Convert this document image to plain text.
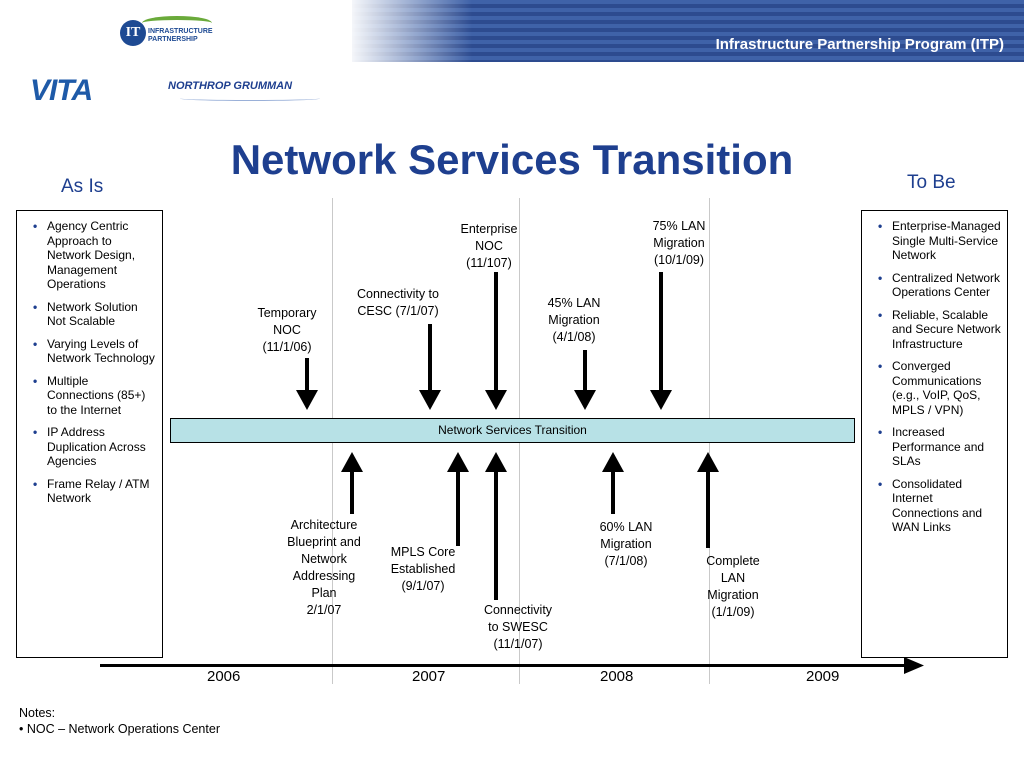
Infrastructure Partnership Program (ITP)
IT	INFRASTRUCTURE PARTNERSHIP
VITA	NORTHROP GRUMMAN
Network Services Transition
As Is	To Be
• Agency Centric Approach to Network Design, Management Operations
• Network Solution Not Scalable
• Varying Levels of Network Technology
• Multiple Connections (85+) to the Internet
• IP Address Duplication Across Agencies
• Frame Relay / ATM Network
• Enterprise-Managed Single Multi-Service Network
• Centralized Network Operations Center
• Reliable, Scalable and Secure Network Infrastructure
• Converged Communications (e.g., VoIP, QoS, MPLS / VPN)
• Increased Performance and SLAs
• Consolidated Internet Connections and WAN Links
Network Services Transition
Temporary
NOC
(11/1/06)
Connectivity to
CESC (7/1/07)
Enterprise
NOC
(11/107)
45% LAN
Migration
(4/1/08)
75% LAN
Migration
(10/1/09)
Architecture
Blueprint and
Network
Addressing
Plan
2/1/07
MPLS Core
Established
(9/1/07)
Connectivity
to SWESC
(11/1/07)
60% LAN
Migration
(7/1/08)	Complete
LAN
Migration
(1/1/09)
2006	2007	2008	2009
Notes:
• NOC – Network Operations Center
